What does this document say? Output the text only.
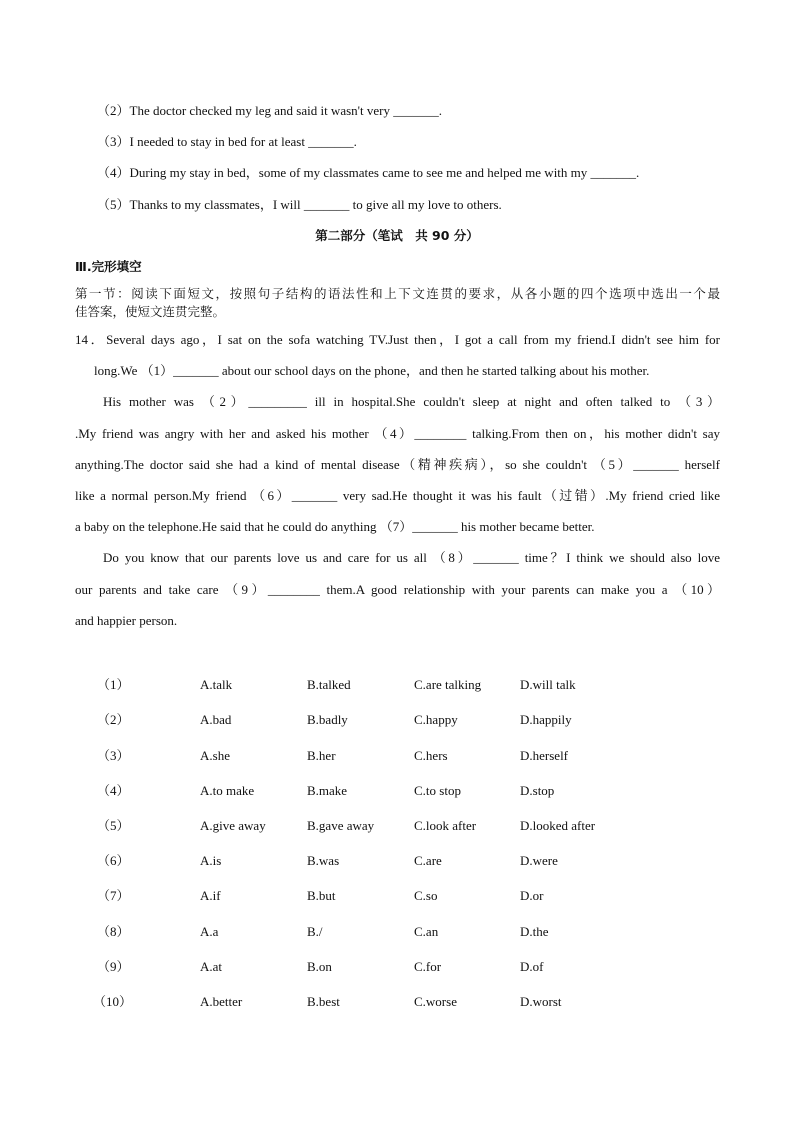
（2）The doctor checked my leg and said it wasn't very _______.
（3）I needed to stay in bed for at least _______.
（4）During my stay in bed，some of my classmates came to see me and helped me with my _______.
（5）Thanks to my classmates，I will _______ to give all my love to others.
第二部分（笔试　共 90 分）
Ⅲ.完形填空
第一节：阅读下面短文，按照句子结构的语法性和上下文连贯的要求，从各小题的四个选项中选出一个最
佳答案，使短文连贯完整。
14．Several days ago，I sat on the sofa watching TV.Just then，I got a call from my friend.I didn't see him for
long.We （1）_______ about our school days on the phone，and then he started talking about his mother.
His mother was （2）_________ ill in hospital.She couldn't sleep at night and often talked to （3）
.My friend was angry with her and asked his mother （4）________ talking.From then on，his mother didn't say
anything.The doctor said she had a kind of mental disease（精神疾病），so she couldn't （5）_______ herself
like a normal person.My friend （6）_______ very sad.He thought it was his fault（过错）.My friend cried like
a baby on the telephone.He said that he could do anything （7）_______ his mother became better.
Do you know that our parents love us and care for us all （8）_______ time？I think we should also love
our parents and take care （9）________ them.A good relationship with your parents can make you a （10）
and happier person.
（1）	A.talk	B.talked	C.are talking	D.will talk
（2）	A.bad	B.badly	C.happy	D.happily
（3）	A.she	B.her	C.hers	D.herself
（4）	A.to make	B.make	C.to stop	D.stop
（5）	A.give away	B.gave away	C.look after	D.looked after
（6）	A.is	B.was	C.are	D.were
（7）	A.if	B.but	C.so	D.or
（8）	A.a	B./	C.an	D.the
（9）	A.at	B.on	C.for	D.of
（10）	A.better	B.best	C.worse	D.worst
